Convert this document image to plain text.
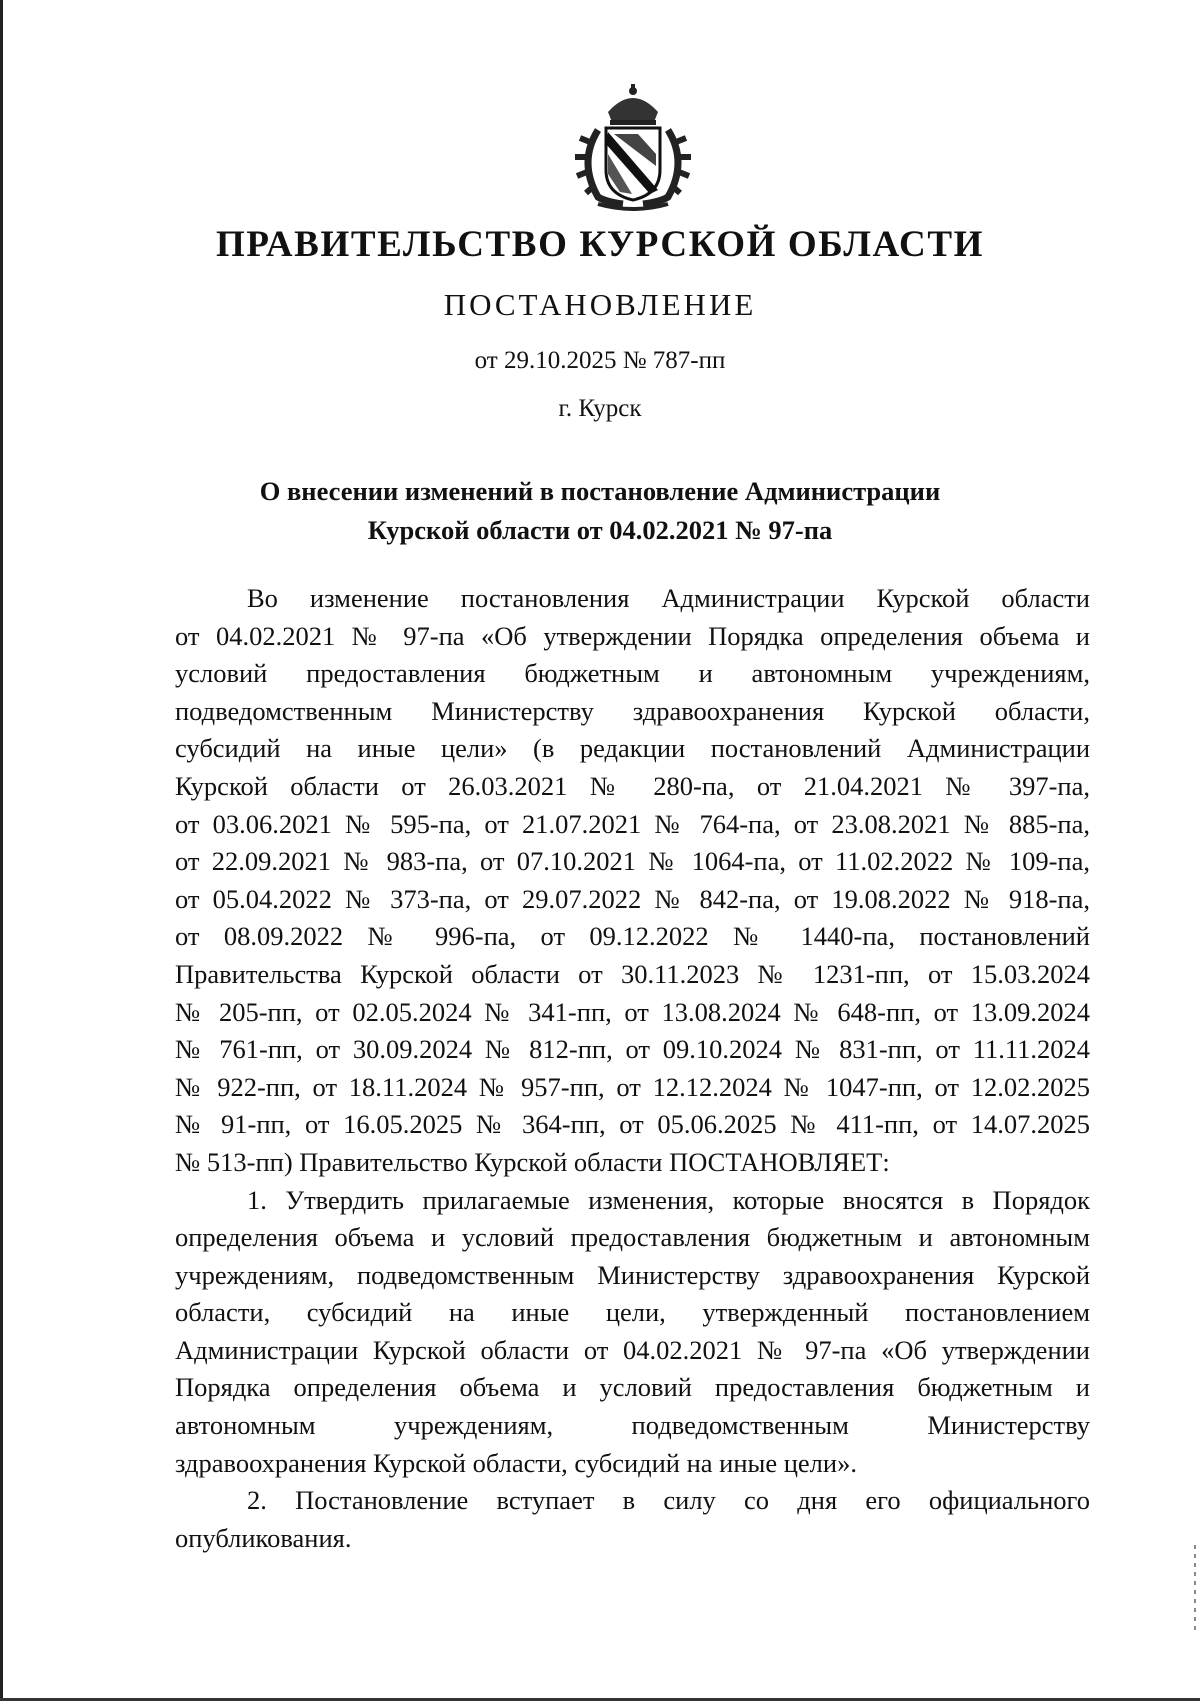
ПРАВИТЕЛЬСТВО КУРСКОЙ ОБЛАСТИ
ПОСТАНОВЛЕНИЕ
от 29.10.2025 № 787-пп
г. Курск
О внесении изменений в постановление Администрации
Курской области от 04.02.2021 № 97-па

Во изменение постановления Администрации Курской области
от 04.02.2021 № 97-па «Об утверждении Порядка определения объема и
условий предоставления бюджетным и автономным учреждениям,
подведомственным Министерству здравоохранения Курской области,
субсидий на иные цели» (в редакции постановлений Администрации
Курской области от 26.03.2021 № 280-па, от 21.04.2021 № 397-па,
от 03.06.2021 № 595-па, от 21.07.2021 № 764-па, от 23.08.2021 № 885-па,
от 22.09.2021 № 983-па, от 07.10.2021 № 1064-па, от 11.02.2022 № 109-па,
от 05.04.2022 № 373-па, от 29.07.2022 № 842-па, от 19.08.2022 № 918-па,
от 08.09.2022 № 996-па, от 09.12.2022 № 1440-па, постановлений
Правительства Курской области от 30.11.2023 № 1231-пп, от 15.03.2024
№ 205-пп, от 02.05.2024 № 341-пп, от 13.08.2024 № 648-пп, от 13.09.2024
№ 761-пп, от 30.09.2024 № 812-пп, от 09.10.2024 № 831-пп, от 11.11.2024
№ 922-пп, от 18.11.2024 № 957-пп, от 12.12.2024 № 1047-пп, от 12.02.2025
№ 91-пп, от 16.05.2025 № 364-пп, от 05.06.2025 № 411-пп, от 14.07.2025
№ 513-пп) Правительство Курской области ПОСТАНОВЛЯЕТ:

1. Утвердить прилагаемые изменения, которые вносятся в Порядок
определения объема и условий предоставления бюджетным и автономным
учреждениям, подведомственным Министерству здравоохранения Курской
области, субсидий на иные цели, утвержденный постановлением
Администрации Курской области от 04.02.2021 № 97-па «Об утверждении
Порядка определения объема и условий предоставления бюджетным и
автономным учреждениям, подведомственным Министерству
здравоохранения Курской области, субсидий на иные цели».

2. Постановление вступает в силу со дня его официального
опубликования.
